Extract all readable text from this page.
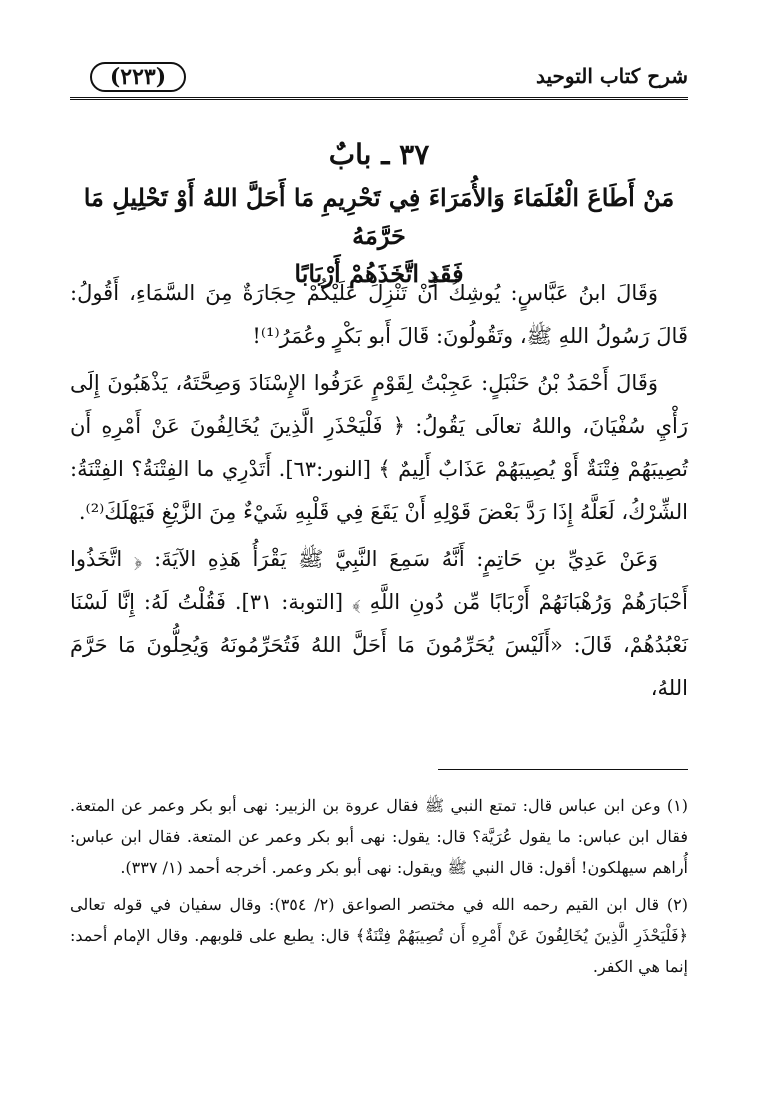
(٢٢٣)	شرح كتاب التوحيد
٣٧ ـ بابٌ
مَنْ أَطَاعَ الْعُلَمَاءَ وَالأُمَرَاءَ فِي تَحْرِيمِ مَا أَحَلَّ اللهُ أَوْ تَحْلِيلِ مَا حَرَّمَهُ
فَقَدِ اتَّخَذَهُمْ أَرْبَابًا

وَقَالَ ابنُ عَبَّاسٍ: يُوشِكُ أَنْ تَنْزِلَ عَلَيْكُمْ حِجَارَةٌ مِنَ السَّمَاءِ، أَقُولُ: قَالَ رَسُولُ اللهِ ﷺ، وتَقُولُونَ: قَالَ أَبو بَكْرٍ وعُمَرُ⁽¹⁾!

وَقَالَ أَحْمَدُ بْنُ حَنْبَلٍ: عَجِبْتُ لِقَوْمٍ عَرَفُوا الإِسْنَادَ وَصِحَّتَهُ، يَذْهَبُونَ إِلَى رَأْيِ سُفْيَانَ، واللهُ تعالَى يَقُولُ: ﴿ فَلْيَحْذَرِ الَّذِينَ يُخَالِفُونَ عَنْ أَمْرِهِ أَن تُصِيبَهُمْ فِتْنَةٌ أَوْ يُصِيبَهُمْ عَذَابٌ أَلِيمٌ ﴾ [النور:٦٣]. أَتَدْرِي ما الفِتْنَةُ؟ الفِتْنَةُ: الشِّرْكُ، لَعَلَّهُ إِذَا رَدَّ بَعْضَ قَوْلِهِ أَنْ يَقَعَ فِي قَلْبِهِ شَيْءٌ مِنَ الزَّيْغِ فَيَهْلَكَ⁽²⁾.

وَعَنْ عَدِيِّ بنِ حَاتِمٍ: أَنَّهُ سَمِعَ النَّبِيَّ ﷺ يَقْرَأُ هَذِهِ الآيَةَ: ﴿ اتَّخَذُوا أَحْبَارَهُمْ وَرُهْبَانَهُمْ أَرْبَابًا مِّن دُونِ اللَّهِ ﴾ [التوبة: ٣١]. فَقُلْتُ لَهُ: إِنَّا لَسْنَا نَعْبُدُهُمْ، قَالَ: «أَلَيْسَ يُحَرِّمُونَ مَا أَحَلَّ اللهُ فَتُحَرِّمُونَهُ وَيُحِلُّونَ مَا حَرَّمَ اللهُ،

(١) وعن ابن عباس قال: تمتع النبي ﷺ فقال عروة بن الزبير: نهى أبو بكر وعمر عن المتعة. فقال ابن عباس: ما يقول عُرَيَّة؟ قال: يقول: نهى أبو بكر وعمر عن المتعة. فقال ابن عباس: أُراهم سيهلكون! أقول: قال النبي ﷺ ويقول: نهى أبو بكر وعمر. أخرجه أحمد (١/ ٣٣٧).

(٢) قال ابن القيم رحمه الله في مختصر الصواعق (٢/ ٣٥٤): وقال سفيان في قوله تعالى ﴿فَلْيَحْذَرِ الَّذِينَ يُخَالِفُونَ عَنْ أَمْرِهِ أَن تُصِيبَهُمْ فِتْنَةٌ﴾ قال: يطبع على قلوبهم. وقال الإمام أحمد: إنما هي الكفر.
